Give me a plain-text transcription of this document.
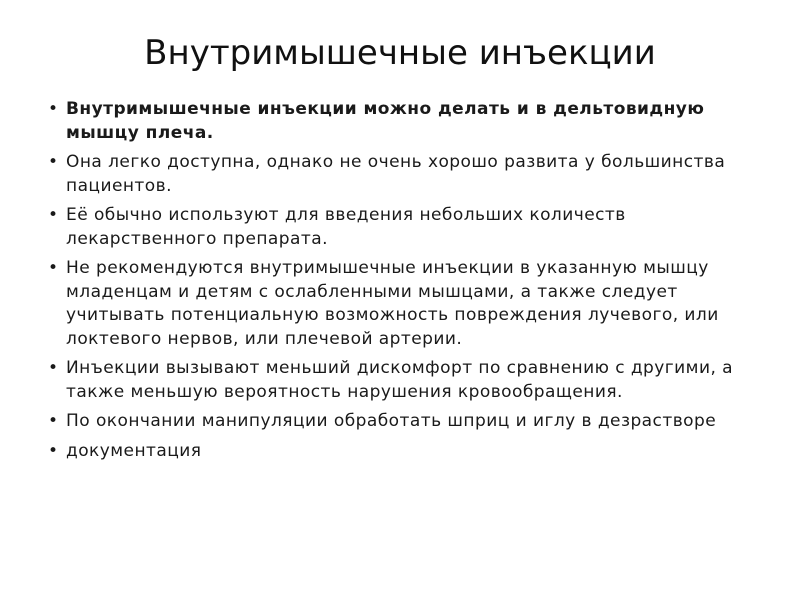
Внутримышечные инъекции
• Внутримышечные инъекции можно делать и в дельтовидную мышцу плеча.
• Она легко доступна, однако не очень хорошо развита у большинства пациентов.
• Её обычно используют для введения небольших количеств лекарственного препарата.
• Не рекомендуются внутримышечные инъекции в указанную мышцу младенцам и детям с ослабленными мышцами, а также следует учитывать потенциальную возможность повреждения лучевого, или локтевого нервов, или плечевой артерии.
• Инъекции вызывают меньший дискомфорт по сравнению с другими, а также меньшую вероятность нарушения кровообращения.
• По окончании манипуляции обработать шприц и иглу в дезрастворе
• документация
